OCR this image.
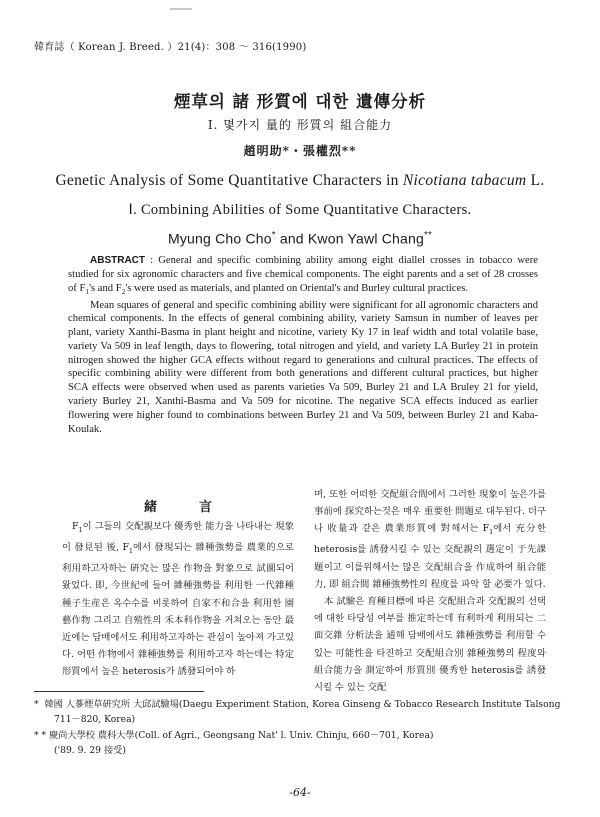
韓育誌（ Korean J. Breed. ）21(4)：308 ～ 316(1990)
煙草의 諸 形質에 대한 遺傳分析
Ⅰ. 몇가지 量的 形質의 組合能力
趙明助*・張權烈**
Genetic Analysis of Some Quantitative Characters in Nicotiana tabacum L.
Ⅰ. Combining Abilities of Some Quantitative Characters.
Myung Cho Cho* and Kwon Yawl Chang**

ABSTRACT : General and specific combining ability among eight diallel crosses in tobacco were studied for six agronomic characters and five chemical components. The eight parents and a set of 28 crosses of $F_1's$ and $F_2's$ were used as materials, and planted on Oriental's and Burley cultural practices.

Mean squares of general and specific combining ability were significant for all agronomic characters and chemical components. In the effects of general combining ability, variety Samsun in number of leaves per plant, variety Xanthi-Basma in plant height and nicotine, variety Ky 17 in leaf width and total volatile base, variety Va 509 in leaf length, days to flowering, total nitrogen and yield, and variety LA Burley 21 in protein nitrogen showed the higher GCA effects without regard to generations and cultural practices. The effects of specific combining ability were different from both generations and different cultural practices, but higher SCA effects were observed when used as parents varieties Va 509, Burley 21 and LA Bruley 21 for yield, variety Burley 21, Xanthi-Basma and Va 509 for nicotine. The negative SCA effects induced as earlier flowering were higher found to combinations between Burley 21 and Va 509, between Burley 21 and Kaba-Koulak.

緒言

$F_1$이 그들의 交配親보다 優秀한 能力을 나타내는 現象이 發見된 後, $F_1$에서 發現되는 雜種強勢를 農業的으로 利用하고자하는 硏究는 많은 作物을 對象으로 試圖되어 왔었다. 即, 今世紀에 들어 雜種強勢를 利用한 一代雜種 種子生産은 옥수수를 비롯하여 自家不和合을 利用한 園藝作物 그리고 自殖性의 禾本科作物을 거쳐오는 동안 最近에는 담배에서도 利用하고자하는 관심이 높아져 가고있다. 어떤 作物에서 雜種強勢를 利用하고자 하는데는 特定形質에서 높은 heterosis가 誘發되어야 하

며, 또한 어떠한 交配組合間에서 그러한 現象이 높은가를 事前에 探究하는것은 매우 重要한 問題로 대두된다. 더구나 收量과 같은 農業形質에 對해서는 $F_1$에서 充分한 heterosis를 誘發시킬 수 있는 交配親의 選定이 于先課題이고 이를위해서는 많은 交配組合을 作成하여 組合能力, 即 組合間 雜種強勢性의 程度를 파악 할 必要가 있다.

本 試驗은 育種目標에 따른 交配組合과 交配親의 선택에 대한 타당성 여부를 推定하는데 有利하게 利用되는 二面交雜 分析法을 通해 담배에서도 雜種強勢를 利用할 수 있는 可能性을 타진하고 交配組合別 雜種強勢의 程度와 組合能力을 測定하여 形質別 優秀한 heterosis를 誘發시킬 수 있는 交配

* 韓國 人蔘煙草硏究所 大邱試驗場(Daegu Experiment Station, Korea Ginseng & Tobacco Research Institute Talsong 711－820, Korea)

* * 慶尚大學校 農科大學(Coll. of Agri., Geongsang Nat' l. Univ. Chinju, 660－701, Korea)

('89. 9. 29 接受)

-64-
